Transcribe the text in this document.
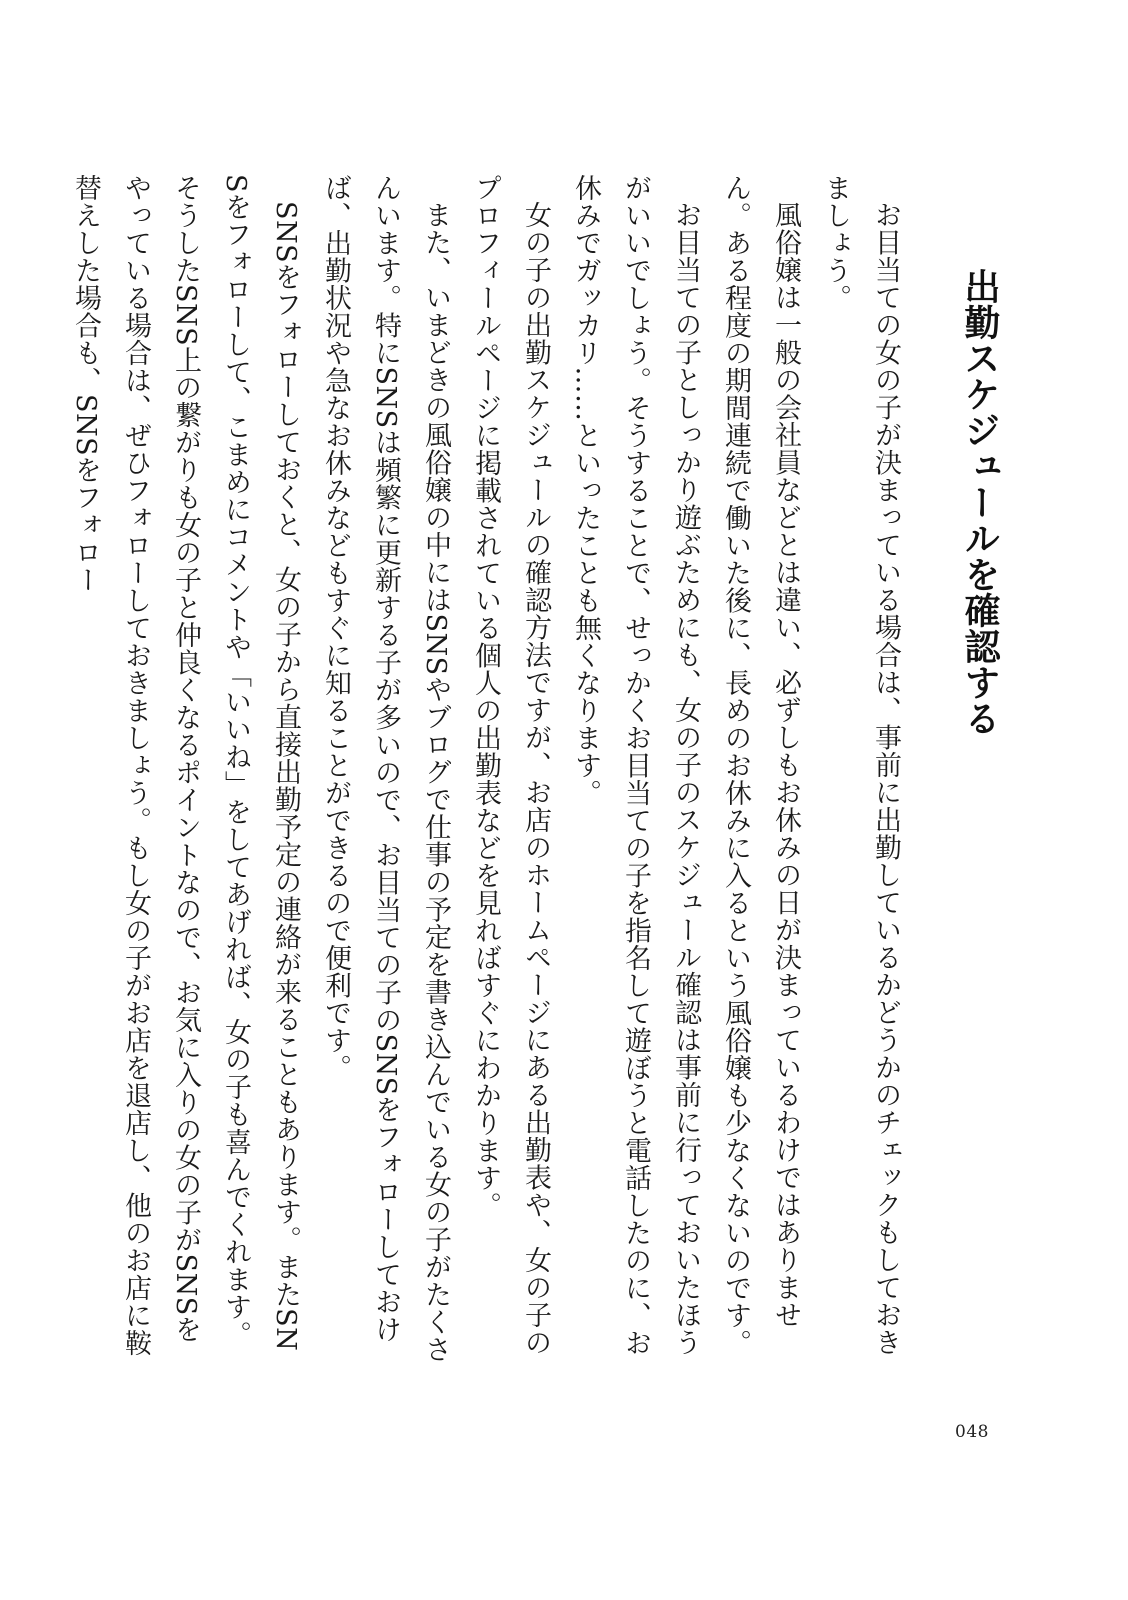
出勤スケジュールを確認する

お目当ての女の子が決まっている場合は、事前に出勤しているかどうかのチェックもしておきましょう。

風俗嬢は一般の会社員などとは違い、必ずしもお休みの日が決まっているわけではありません。ある程度の期間連続で働いた後に、長めのお休みに入るという風俗嬢も少なくないのです。

お目当ての子としっかり遊ぶためにも、女の子のスケジュール確認は事前に行っておいたほうがいいでしょう。そうすることで、せっかくお目当ての子を指名して遊ぼうと電話したのに、お休みでガッカリ……といったことも無くなります。

女の子の出勤スケジュールの確認方法ですが、お店のホームページにある出勤表や、女の子のプロフィールページに掲載されている個人の出勤表などを見ればすぐにわかります。

また、いまどきの風俗嬢の中にはSNSやブログで仕事の予定を書き込んでいる女の子がたくさんいます。特にSNSは頻繁に更新する子が多いので、お目当ての子のSNSをフォローしておけば、出勤状況や急なお休みなどもすぐに知ることができるので便利です。

SNSをフォローしておくと、女の子から直接出勤予定の連絡が来ることもあります。またSNSをフォローして、こまめにコメントや「いいね」をしてあげれば、女の子も喜んでくれます。そうしたSNS上の繋がりも女の子と仲良くなるポイントなので、お気に入りの女の子がSNSをやっている場合は、ぜひフォローしておきましょう。もし女の子がお店を退店し、他のお店に鞍替えした場合も、SNSをフォロー

048
